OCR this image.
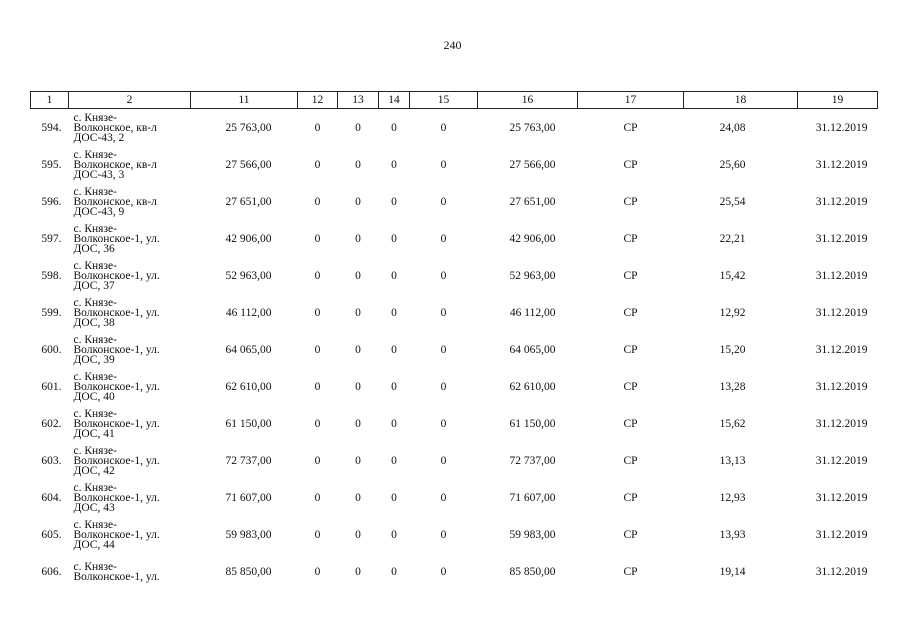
240
1	2	11	12	13	14	15	16	17	18	19
594.	с. Князе-
Волконское, кв-л
ДОС-43, 2	25 763,00	0	0	0	0	25 763,00	СР	24,08	31.12.2019
595.	с. Князе-
Волконское, кв-л
ДОС-43, 3	27 566,00	0	0	0	0	27 566,00	СР	25,60	31.12.2019
596.	с. Князе-
Волконское, кв-л
ДОС-43, 9	27 651,00	0	0	0	0	27 651,00	СР	25,54	31.12.2019
597.	с. Князе-
Волконское-1, ул.
ДОС, 36	42 906,00	0	0	0	0	42 906,00	СР	22,21	31.12.2019
598.	с. Князе-
Волконское-1, ул.
ДОС, 37	52 963,00	0	0	0	0	52 963,00	СР	15,42	31.12.2019
599.	с. Князе-
Волконское-1, ул.
ДОС, 38	46 112,00	0	0	0	0	46 112,00	СР	12,92	31.12.2019
600.	с. Князе-
Волконское-1, ул.
ДОС, 39	64 065,00	0	0	0	0	64 065,00	СР	15,20	31.12.2019
601.	с. Князе-
Волконское-1, ул.
ДОС, 40	62 610,00	0	0	0	0	62 610,00	СР	13,28	31.12.2019
602.	с. Князе-
Волконское-1, ул.
ДОС, 41	61 150,00	0	0	0	0	61 150,00	СР	15,62	31.12.2019
603.	с. Князе-
Волконское-1, ул.
ДОС, 42	72 737,00	0	0	0	0	72 737,00	СР	13,13	31.12.2019
604.	с. Князе-
Волконское-1, ул.
ДОС, 43	71 607,00	0	0	0	0	71 607,00	СР	12,93	31.12.2019
605.	с. Князе-
Волконское-1, ул.
ДОС, 44	59 983,00	0	0	0	0	59 983,00	СР	13,93	31.12.2019
606.	с. Князе-
Волконское-1, ул.	85 850,00	0	0	0	0	85 850,00	СР	19,14	31.12.2019
